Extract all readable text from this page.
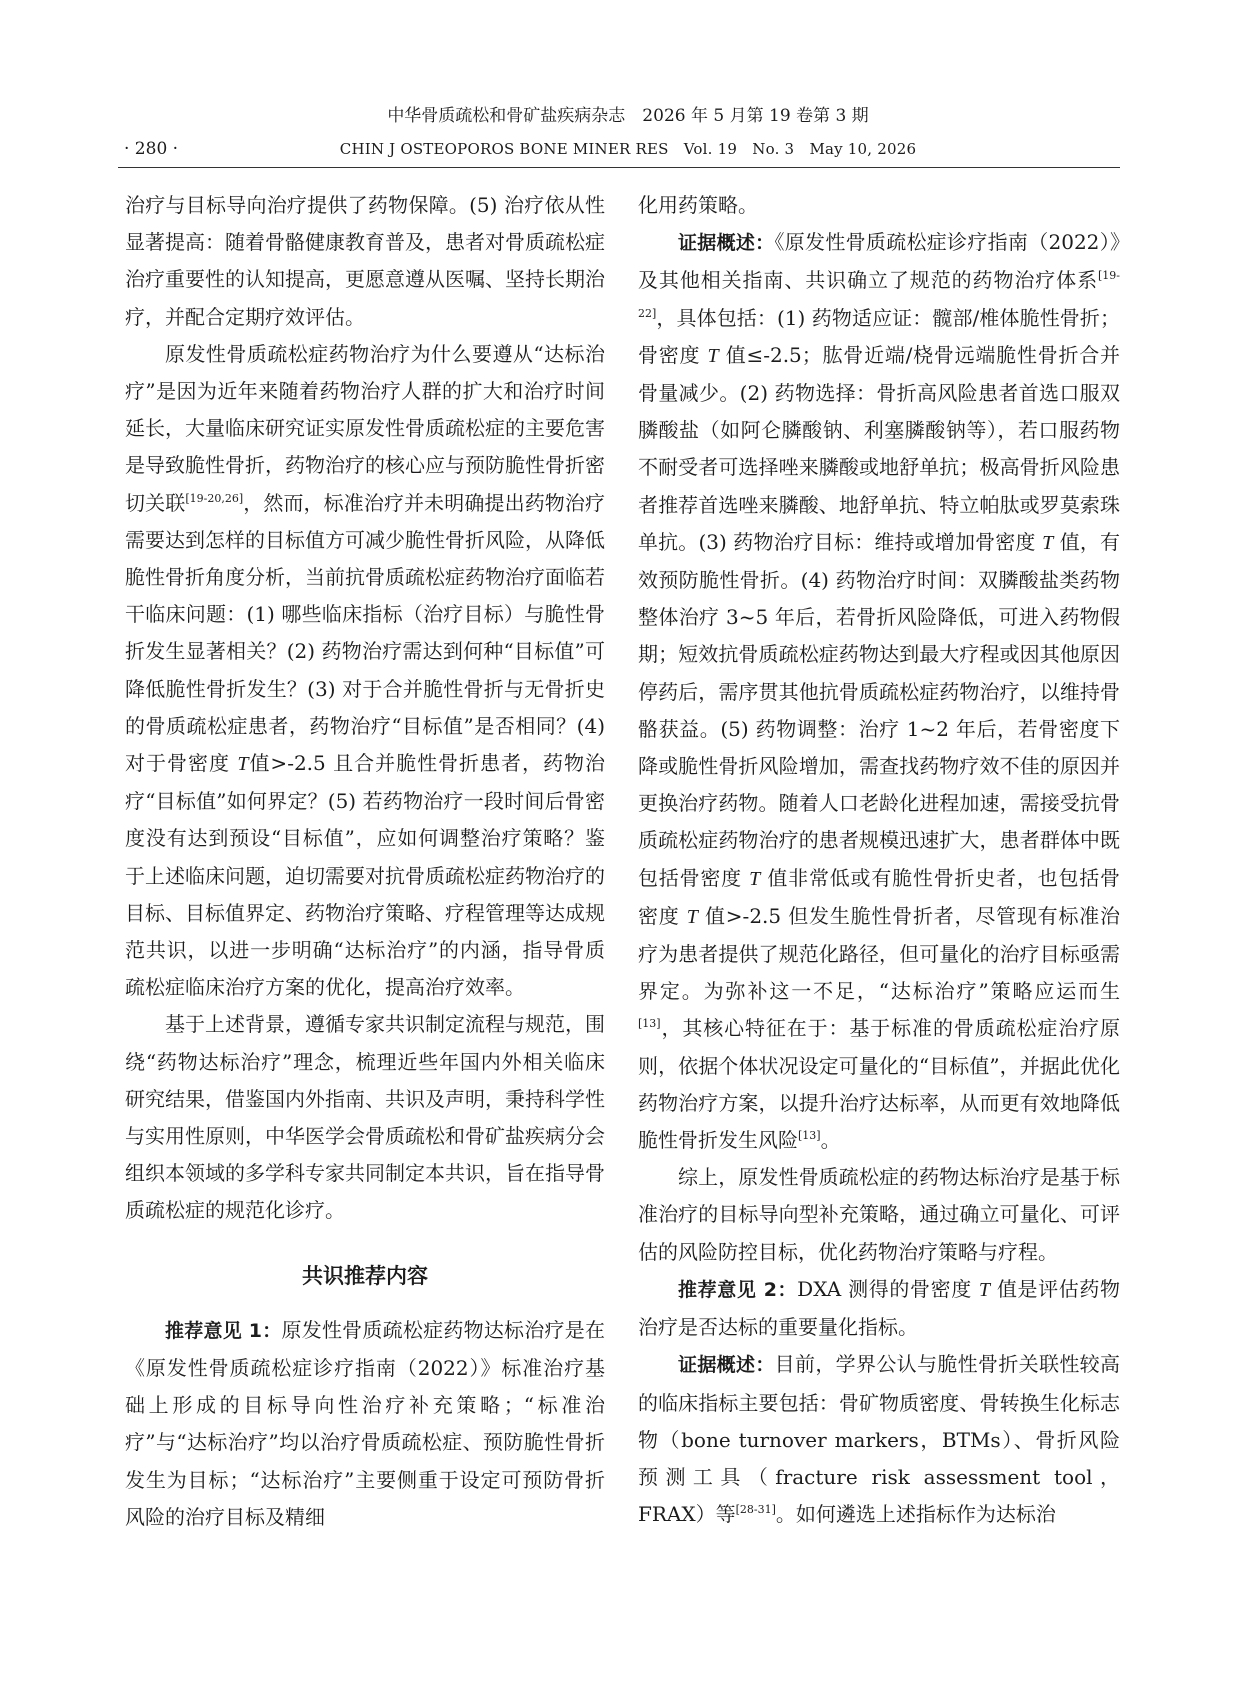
中华骨质疏松和骨矿盐疾病杂志　2026 年 5 月第 19 卷第 3 期
· 280 ·	CHIN J OSTEOPOROS BONE MINER RES　Vol. 19　No. 3　May 10, 2026

治疗与目标导向治疗提供了药物保障。(5) 治疗依从性显著提高：随着骨骼健康教育普及，患者对骨质疏松症治疗重要性的认知提高，更愿意遵从医嘱、坚持长期治疗，并配合定期疗效评估。

原发性骨质疏松症药物治疗为什么要遵从“达标治疗”是因为近年来随着药物治疗人群的扩大和治疗时间延长，大量临床研究证实原发性骨质疏松症的主要危害是导致脆性骨折，药物治疗的核心应与预防脆性骨折密切关联[19-20,26]，然而，标准治疗并未明确提出药物治疗需要达到怎样的目标值方可减少脆性骨折风险，从降低脆性骨折角度分析，当前抗骨质疏松症药物治疗面临若干临床问题：(1) 哪些临床指标（治疗目标）与脆性骨折发生显著相关？(2) 药物治疗需达到何种“目标值”可降低脆性骨折发生？(3) 对于合并脆性骨折与无骨折史的骨质疏松症患者，药物治疗“目标值”是否相同？(4) 对于骨密度 T值>-2.5 且合并脆性骨折患者，药物治疗“目标值”如何界定？(5) 若药物治疗一段时间后骨密度没有达到预设“目标值”，应如何调整治疗策略？鉴于上述临床问题，迫切需要对抗骨质疏松症药物治疗的目标、目标值界定、药物治疗策略、疗程管理等达成规范共识，以进一步明确“达标治疗”的内涵，指导骨质疏松症临床治疗方案的优化，提高治疗效率。

基于上述背景，遵循专家共识制定流程与规范，围绕“药物达标治疗”理念，梳理近些年国内外相关临床研究结果，借鉴国内外指南、共识及声明，秉持科学性与实用性原则，中华医学会骨质疏松和骨矿盐疾病分会组织本领域的多学科专家共同制定本共识，旨在指导骨质疏松症的规范化诊疗。

共识推荐内容

推荐意见 1：原发性骨质疏松症药物达标治疗是在《原发性骨质疏松症诊疗指南（2022）》标准治疗基础上形成的目标导向性治疗补充策略；“标准治疗”与“达标治疗”均以治疗骨质疏松症、预防脆性骨折发生为目标；“达标治疗”主要侧重于设定可预防骨折风险的治疗目标及精细

化用药策略。

证据概述：《原发性骨质疏松症诊疗指南（2022）》及其他相关指南、共识确立了规范的药物治疗体系[19-22]，具体包括：(1) 药物适应证：髋部/椎体脆性骨折；骨密度 T 值≤-2.5；肱骨近端/桡骨远端脆性骨折合并骨量减少。(2) 药物选择：骨折高风险患者首选口服双膦酸盐（如阿仑膦酸钠、利塞膦酸钠等），若口服药物不耐受者可选择唑来膦酸或地舒单抗；极高骨折风险患者推荐首选唑来膦酸、地舒单抗、特立帕肽或罗莫索珠单抗。(3) 药物治疗目标：维持或增加骨密度 T 值，有效预防脆性骨折。(4) 药物治疗时间：双膦酸盐类药物整体治疗 3~5 年后，若骨折风险降低，可进入药物假期；短效抗骨质疏松症药物达到最大疗程或因其他原因停药后，需序贯其他抗骨质疏松症药物治疗，以维持骨骼获益。(5) 药物调整：治疗 1~2 年后，若骨密度下降或脆性骨折风险增加，需查找药物疗效不佳的原因并更换治疗药物。随着人口老龄化进程加速，需接受抗骨质疏松症药物治疗的患者规模迅速扩大，患者群体中既包括骨密度 T 值非常低或有脆性骨折史者，也包括骨密度 T 值>-2.5 但发生脆性骨折者，尽管现有标准治疗为患者提供了规范化路径，但可量化的治疗目标亟需界定。为弥补这一不足，“达标治疗”策略应运而生[13]，其核心特征在于：基于标准的骨质疏松症治疗原则，依据个体状况设定可量化的“目标值”，并据此优化药物治疗方案，以提升治疗达标率，从而更有效地降低脆性骨折发生风险[13]。

综上，原发性骨质疏松症的药物达标治疗是基于标准治疗的目标导向型补充策略，通过确立可量化、可评估的风险防控目标，优化药物治疗策略与疗程。

推荐意见 2：DXA 测得的骨密度 T 值是评估药物治疗是否达标的重要量化指标。

证据概述：目前，学界公认与脆性骨折关联性较高的临床指标主要包括：骨矿物质密度、骨转换生化标志物（bone turnover markers，BTMs）、骨折风险预测工具（fracture risk assessment tool，FRAX）等[28-31]。如何遴选上述指标作为达标治
